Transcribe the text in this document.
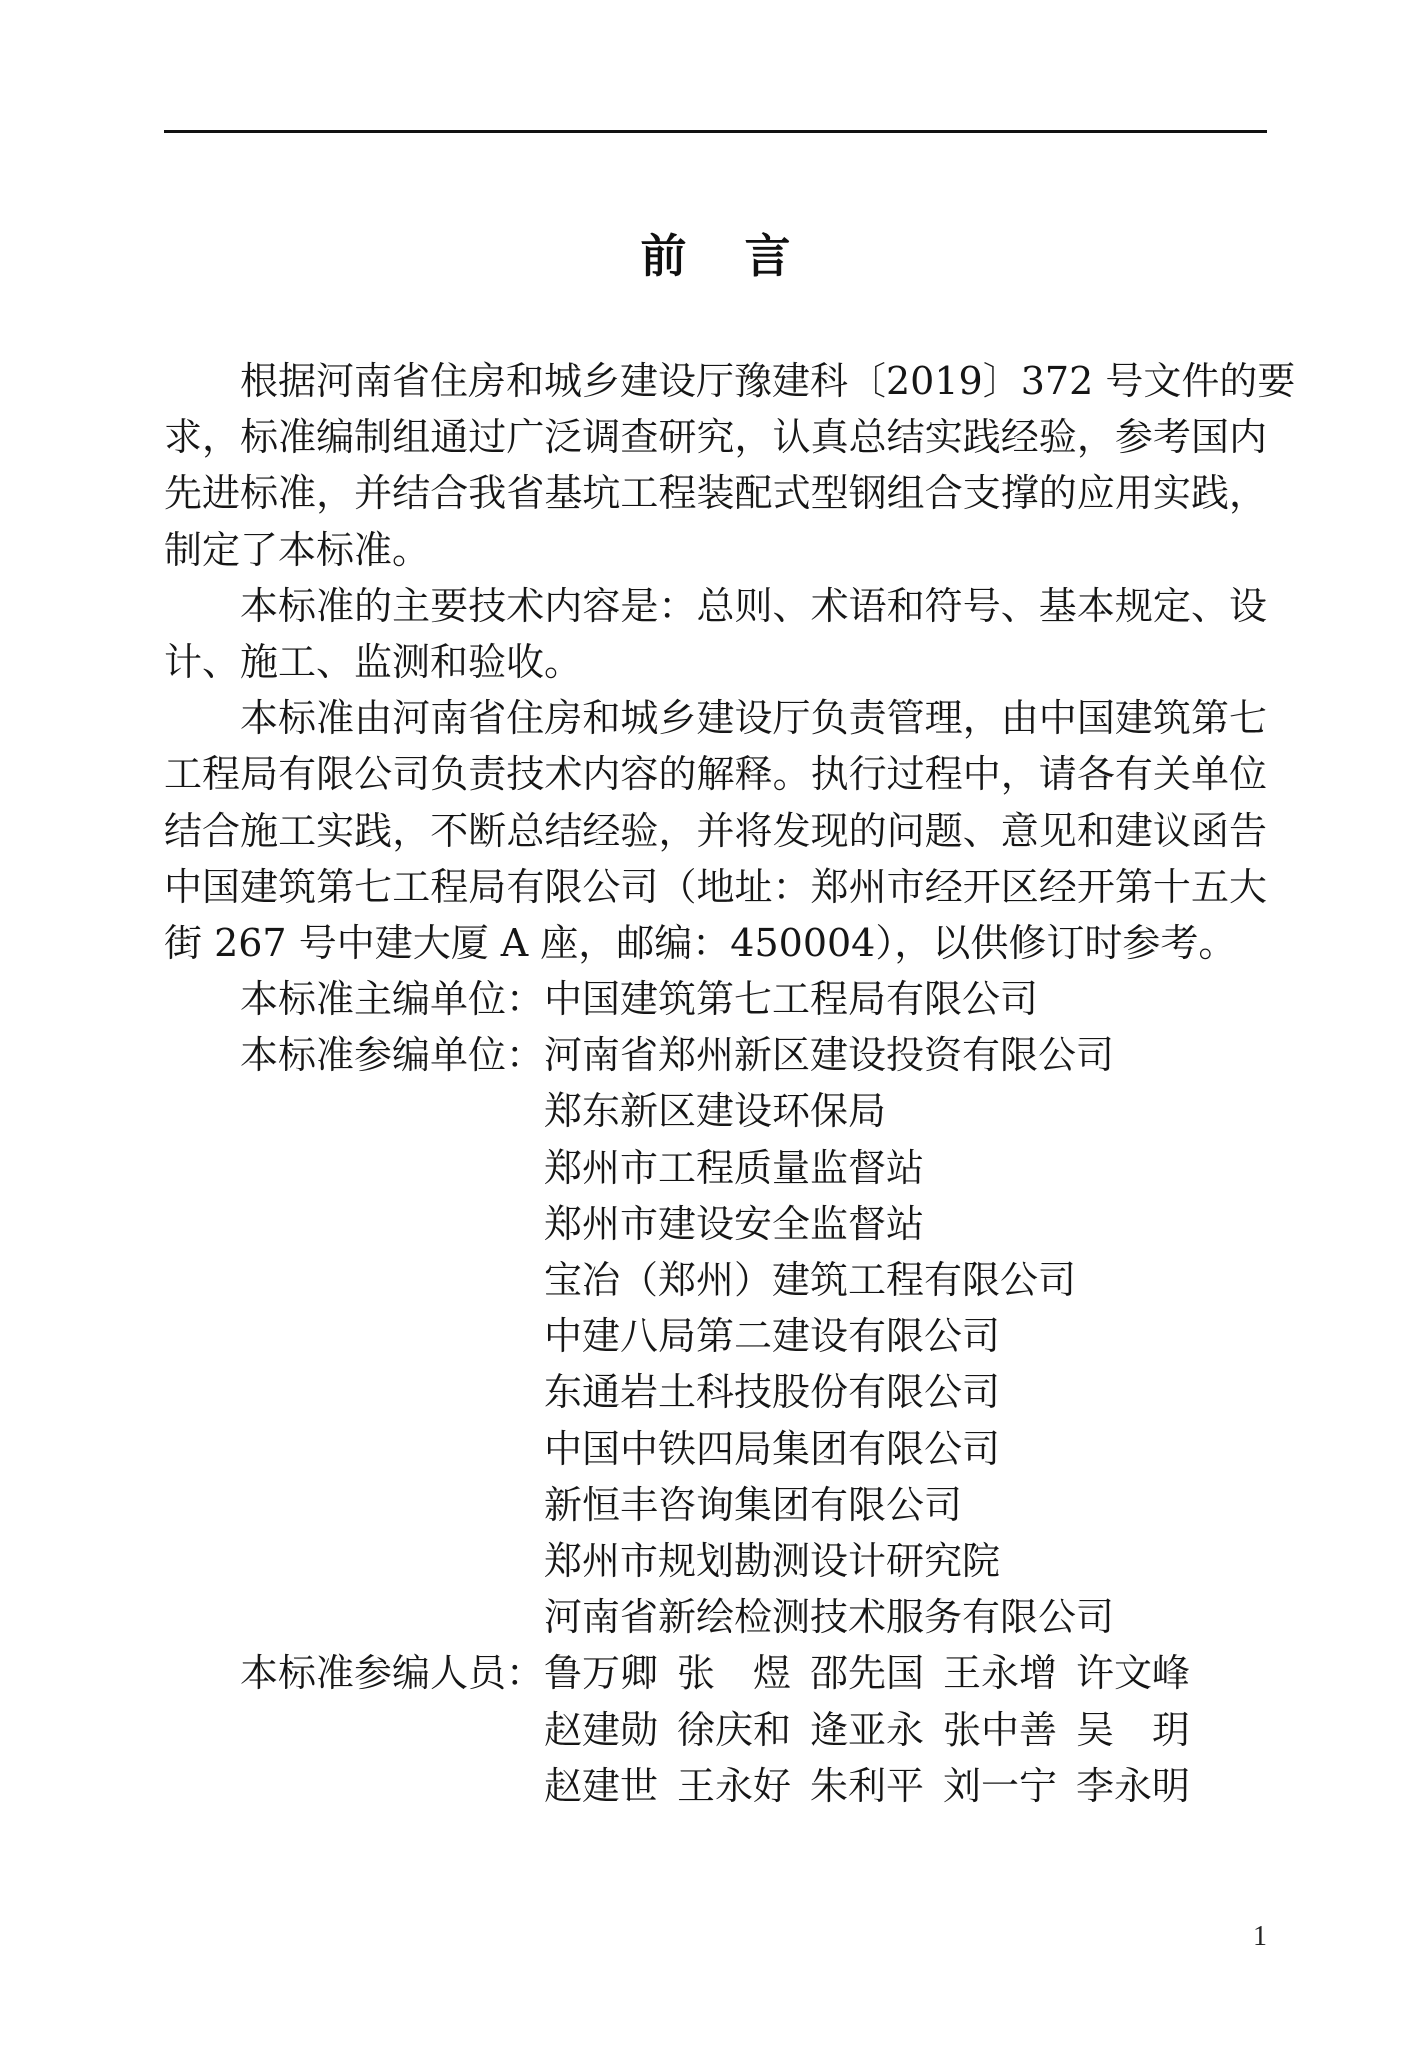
前 言
根据河南省住房和城乡建设厅豫建科〔2019〕372 号文件的要
求，标准编制组通过广泛调查研究，认真总结实践经验，参考国内
先进标准，并结合我省基坑工程装配式型钢组合支撑的应用实践，
制定了本标准。
本标准的主要技术内容是：总则、术语和符号、基本规定、设
计、施工、监测和验收。
本标准由河南省住房和城乡建设厅负责管理，由中国建筑第七
工程局有限公司负责技术内容的解释。执行过程中，请各有关单位
结合施工实践，不断总结经验，并将发现的问题、意见和建议函告
中国建筑第七工程局有限公司（地址：郑州市经开区经开第十五大
街 267 号中建大厦 A 座，邮编：450004），以供修订时参考。
本标准主编单位： 中国建筑第七工程局有限公司
本标准参编单位： 河南省郑州新区建设投资有限公司
郑东新区建设环保局
郑州市工程质量监督站
郑州市建设安全监督站
宝冶（郑州）建筑工程有限公司
中建八局第二建设有限公司
东通岩土科技股份有限公司
中国中铁四局集团有限公司
新恒丰咨询集团有限公司
郑州市规划勘测设计研究院
河南省新绘检测技术服务有限公司
本标准参编人员： 鲁万卿 张　煜 邵先国 王永增 许文峰
赵建勋 徐庆和 逄亚永 张中善 吴　玥
赵建世 王永好 朱利平 刘一宁 李永明
1
